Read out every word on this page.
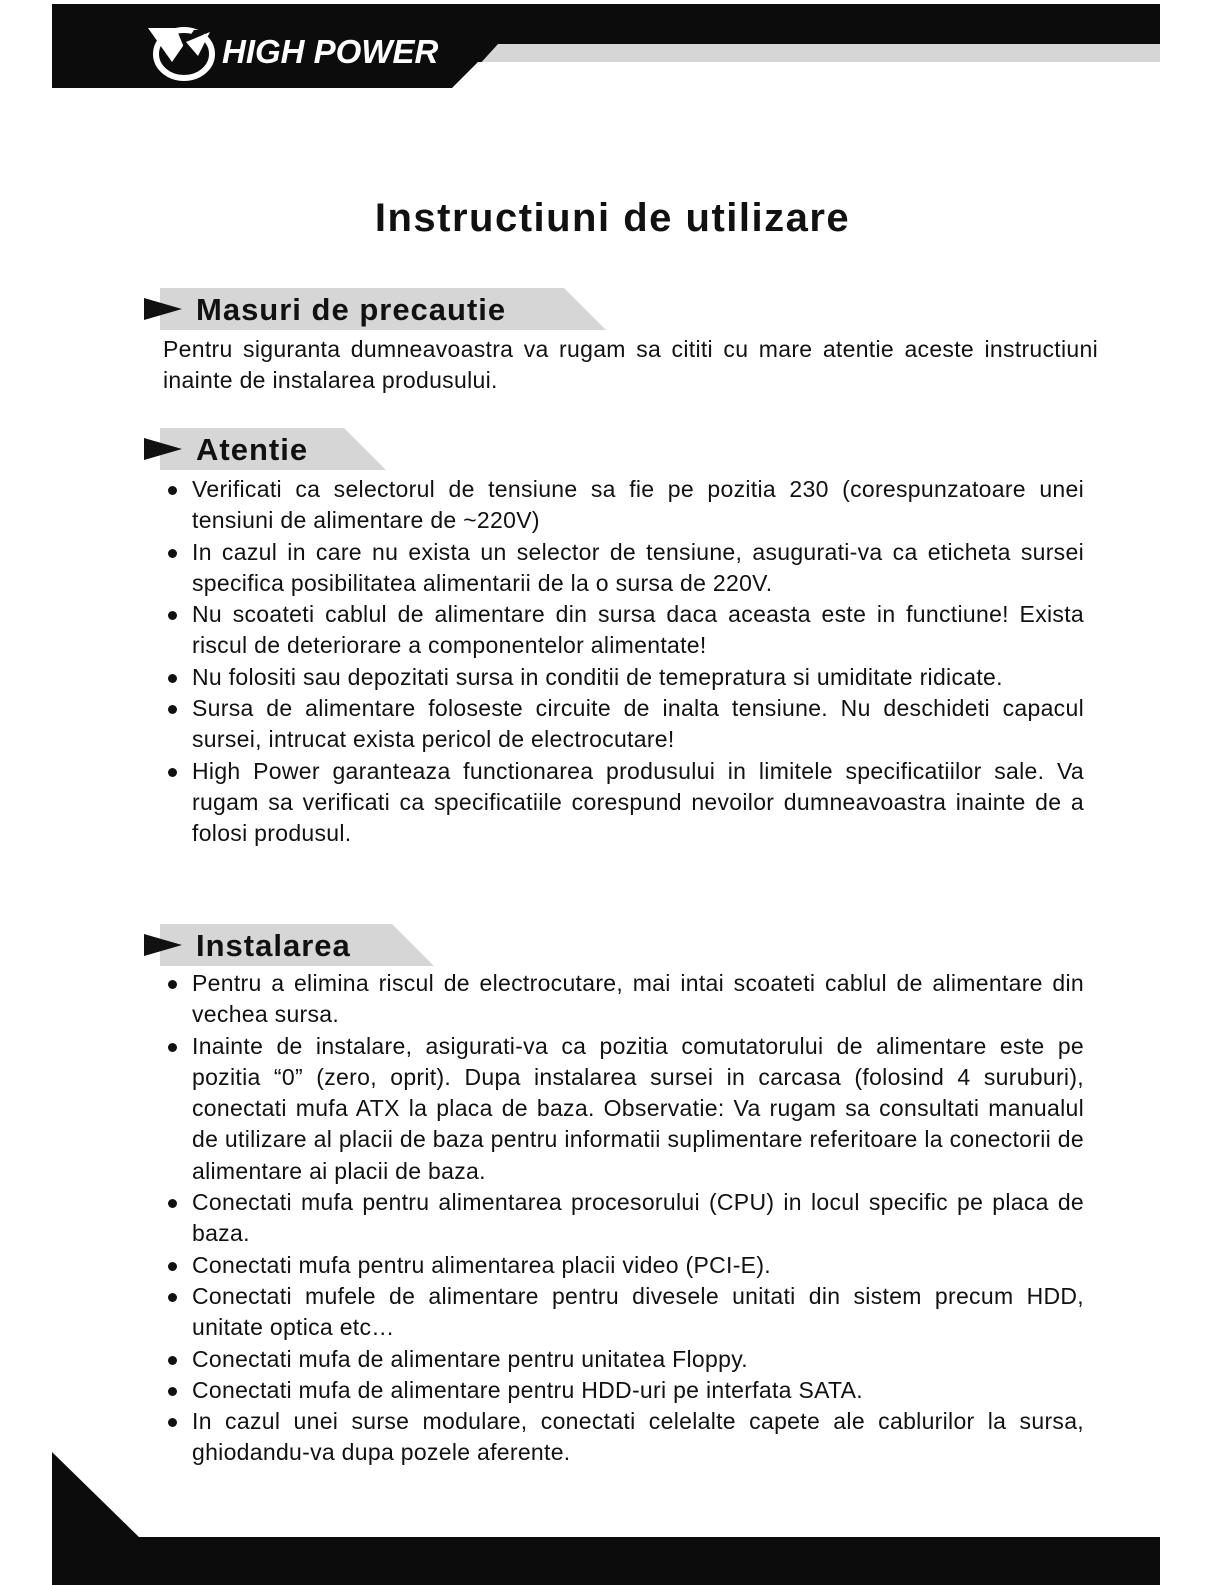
HIGH POWER
Instructiuni de utilizare
Masuri de precautie

Pentru siguranta dumneavoastra va rugam sa cititi cu mare atentie aceste instructiuni inainte de instalarea produsului.

Atentie
Verificati ca selectorul de tensiune sa fie pe pozitia 230 (corespunzatoare unei tensiuni de alimentare de ~220V)
In cazul in care nu exista un selector de tensiune, asugurati-va ca eticheta sursei specifica posibilitatea alimentarii de la o sursa de 220V.
Nu scoateti cablul de alimentare din sursa daca aceasta este in functiune! Exista riscul de deteriorare a componentelor alimentate!
Nu folositi sau depozitati sursa in conditii de temepratura si umiditate ridicate.
Sursa de alimentare foloseste circuite de inalta tensiune. Nu deschideti capacul sursei, intrucat exista pericol de electrocutare!
High Power garanteaza functionarea produsului in limitele specificatiilor sale. Va rugam sa verificati ca specificatiile corespund nevoilor dumneavoastra inainte de a folosi produsul.
Instalarea
Pentru a elimina riscul de electrocutare, mai intai scoateti cablul de alimentare din vechea sursa.
Inainte de instalare, asigurati-va ca pozitia comutatorului de alimentare este pe pozitia “0” (zero, oprit). Dupa instalarea sursei in carcasa (folosind 4 suruburi), conectati mufa ATX la placa de baza. Observatie: Va rugam sa consultati manualul de utilizare al placii de baza pentru informatii suplimentare referitoare la conectorii de alimentare ai placii de baza.
Conectati mufa pentru alimentarea procesorului (CPU) in locul specific pe placa de baza.
Conectati mufa pentru alimentarea placii video (PCI-E).
Conectati mufele de alimentare pentru divesele unitati din sistem precum HDD, unitate optica etc…
Conectati mufa de alimentare pentru unitatea Floppy.
Conectati mufa de alimentare pentru HDD-uri pe interfata SATA.
In cazul unei surse modulare, conectati celelalte capete ale cablurilor la sursa, ghiodandu-va dupa pozele aferente.
